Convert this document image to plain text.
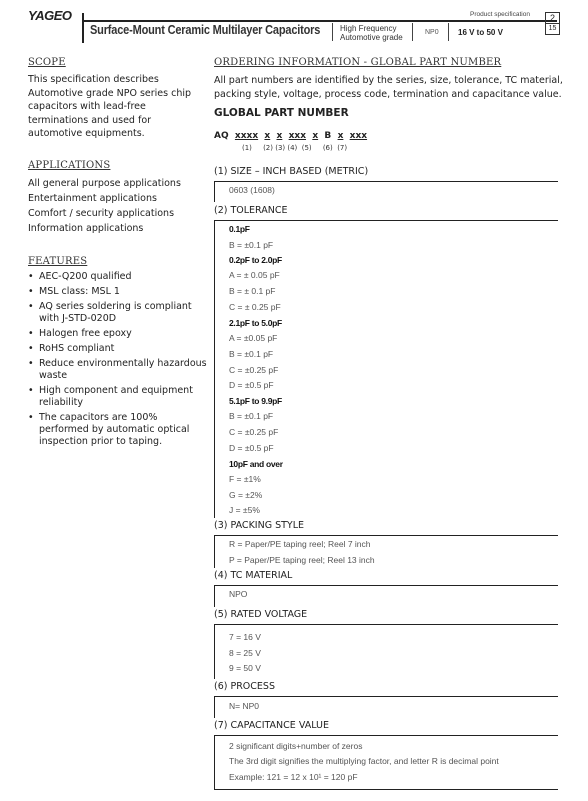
YAGEO	Product specification	2
15
Surface-Mount Ceramic Multilayer Capacitors High Frequency
Automotive grade
NP0 16 V to 50 V
SCOPE
This specification describes Automotive grade NPO series chip capacitors with lead-free terminations and used for automotive equipments.
APPLICATIONS
All general purpose applications
Entertainment applications
Comfort / security applications
Information applications
FEATURES
• AEC-Q200 qualified
• MSL class: MSL 1
• AQ series soldering is compliant with J-STD-020D
• Halogen free epoxy
• RoHS compliant
• Reduce environmentally hazardous waste
• High component and equipment reliability
• The capacitors are 100% performed by automatic optical inspection prior to taping.
ORDERING INFORMATION - GLOBAL PART NUMBER
All part numbers are identified by the series, size, tolerance, TC material, packing style, voltage, process code, termination and capacitance value.
GLOBAL PART NUMBER
AQ xxxx x x xxx x B x xxx
(1) (2) (3) (4) (5) (6) (7)
(1) SIZE – INCH BASED (METRIC)
0603 (1608)
(2) TOLERANCE
0.1pF
B = ±0.1 pF
0.2pF to 2.0pF
A = ± 0.05 pF
B = ± 0.1 pF
C = ± 0.25 pF
2.1pF to 5.0pF
A = ±0.05 pF
B = ±0.1 pF
C = ±0.25 pF
D = ±0.5 pF
5.1pF to 9.9pF
B = ±0.1 pF
C = ±0.25 pF
D = ±0.5 pF
10pF and over
F = ±1%
G = ±2%
J = ±5%
(3) PACKING STYLE
R = Paper/PE taping reel; Reel 7 inch
P = Paper/PE taping reel; Reel 13 inch
(4) TC MATERIAL
NPO
(5) RATED VOLTAGE
7 = 16 V
8 = 25 V
9 = 50 V
(6) PROCESS
N= NP0
(7) CAPACITANCE VALUE
2 significant digits+number of zeros
The 3rd digit signifies the multiplying factor, and letter R is decimal point
Example: 121 = 12 x 10¹ = 120 pF
